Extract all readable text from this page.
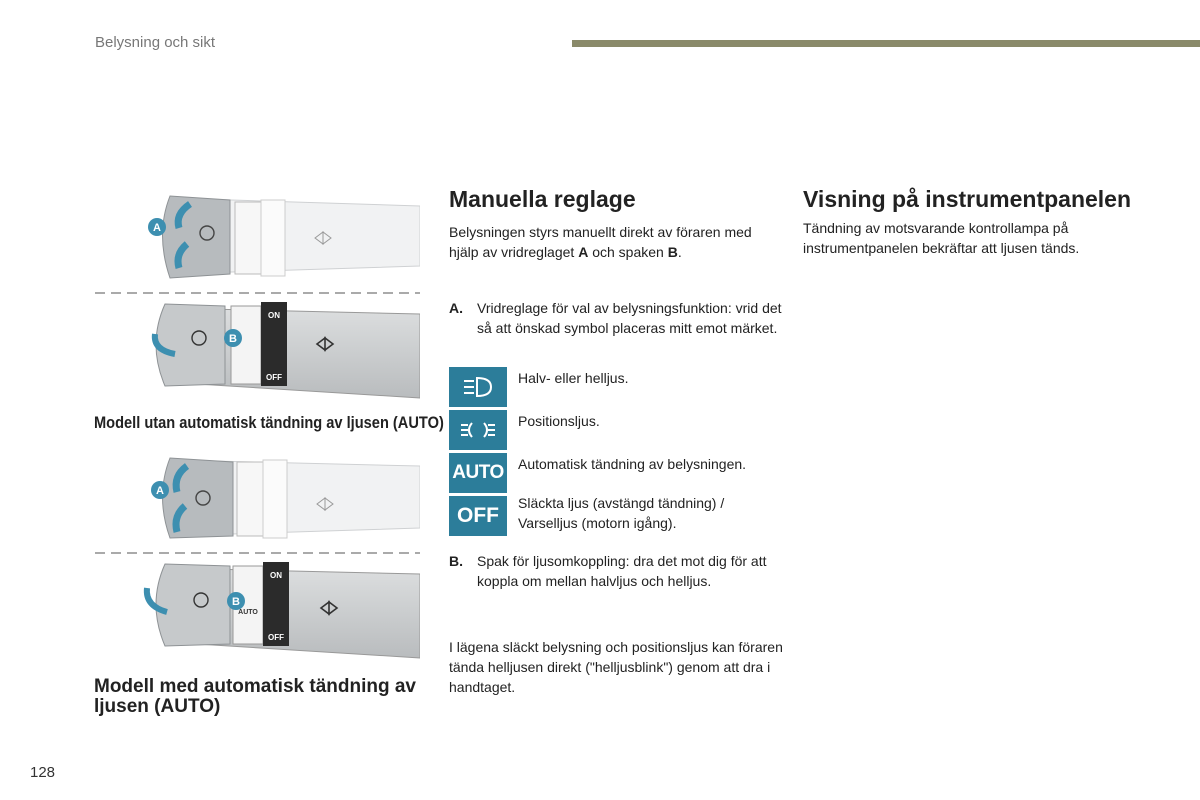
Belysning och sikt
A
ON
OFF
B
Modell utan automatisk tändning av ljusen (AUTO)
A
ON
OFF
AUTO
B
Modell med automatisk tändning av ljusen (AUTO)
Manuella reglage
Belysningen styrs manuellt direkt av föraren med hjälp av vridreglaget A och spaken B.
A.	Vridreglage för val av belysningsfunktion: vrid det så att önskad symbol placeras mitt emot märket.
Halv- eller helljus.
Positionsljus.
AUTO Automatisk tändning av belysningen.
OFF
Släckta ljus (avstängd tändning) / Varselljus (motorn igång).
B.	Spak för ljusomkoppling: dra det mot dig för att koppla om mellan halvljus och helljus.
I lägena släckt belysning och positionsljus kan föraren tända helljusen direkt ("helljusblink") genom att dra i handtaget.
Visning på instrumentpanelen
Tändning av motsvarande kontrollampa på instrumentpanelen bekräftar att ljusen tänds.
128
